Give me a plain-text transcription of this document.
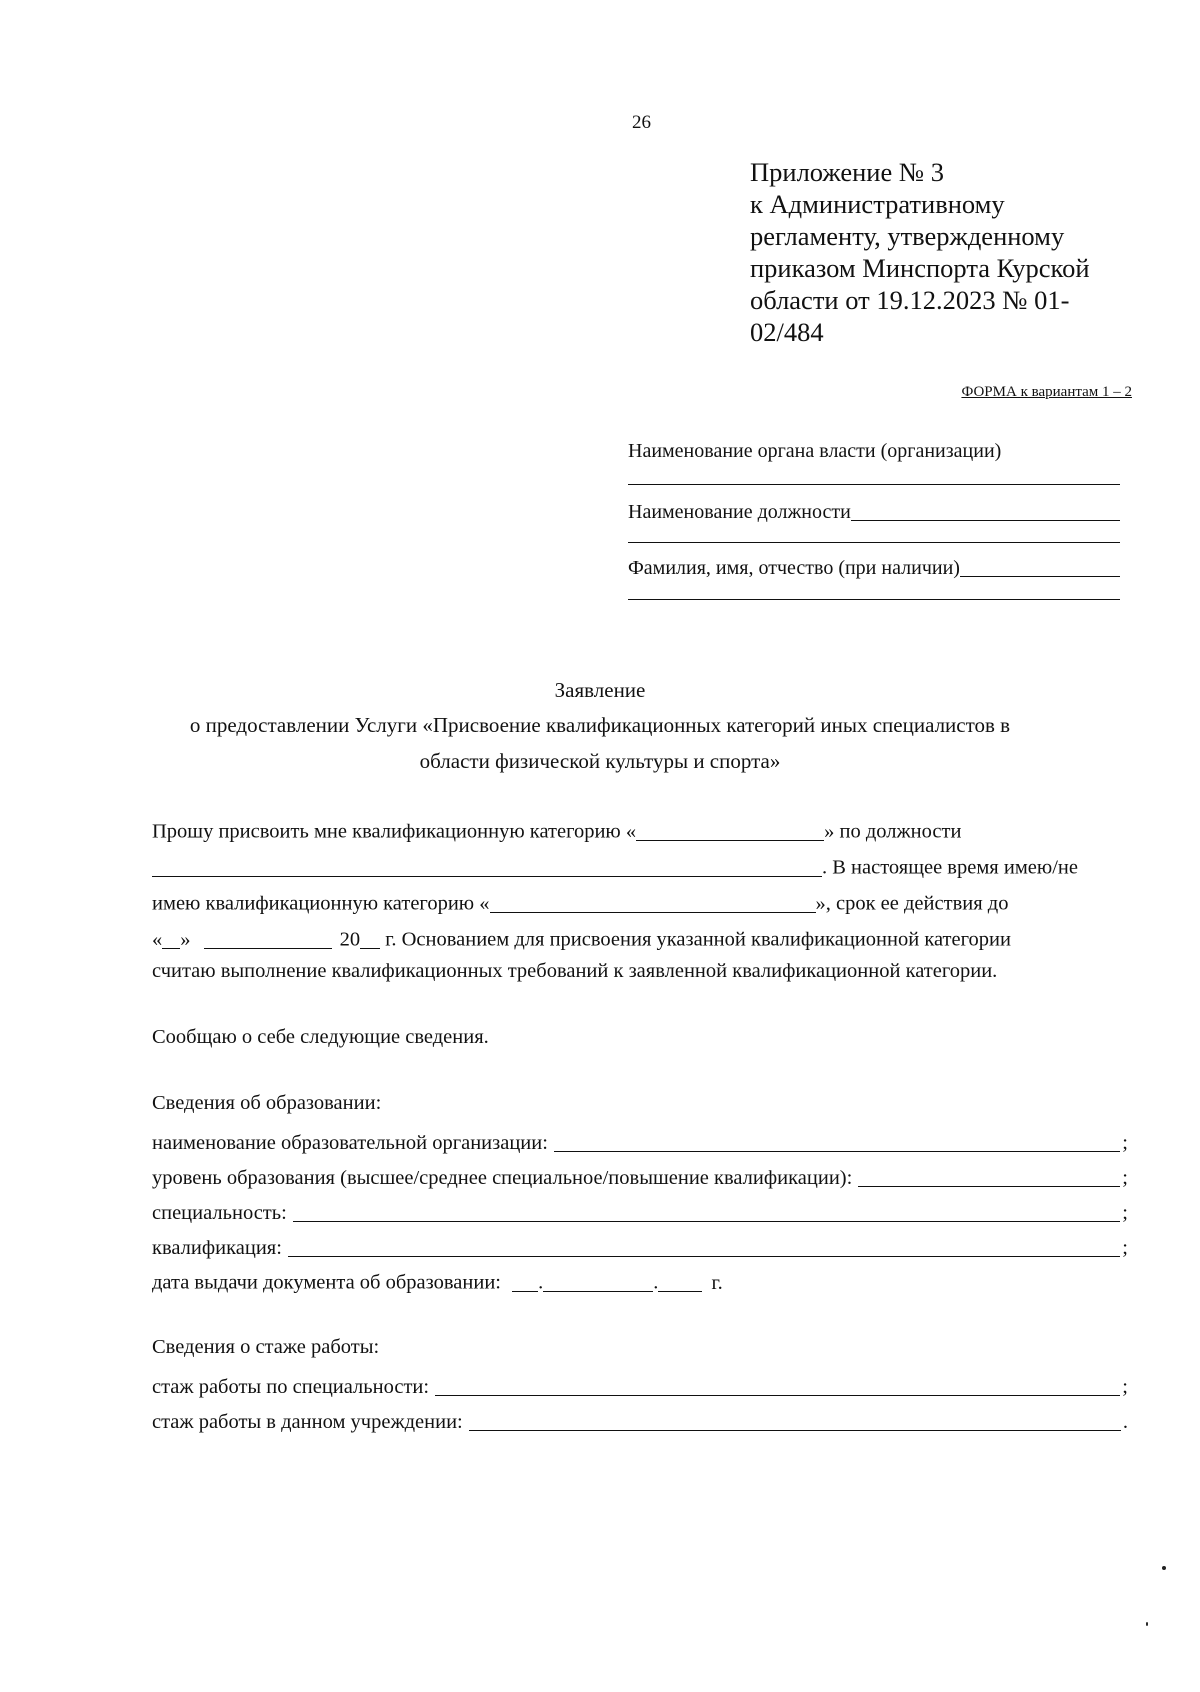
26
Приложение № 3
к Административному
регламенту, утвержденному
приказом Минспорта Курской
области от 19.12.2023 № 01-
02/484
ФОРМА к вариантам 1 – 2
Наименование органа власти (организации)
Наименование должности
Фамилия, имя, отчество (при наличии)
Заявление
о предоставлении Услуги «Присвоение квалификационных категорий иных специалистов в
области физической культуры и спорта»
Прошу присвоить мне квалификационную категорию «	» по должности
. В настоящее время имею/не
имею квалификационную категорию «	», срок ее действия до
« »	20 г. Основанием для присвоения указанной квалификационной категории
считаю выполнение квалификационных требований к заявленной квалификационной категории.
Сообщаю о себе следующие сведения.
Сведения об образовании:
наименование образовательной организации:	;
уровень образования (высшее/среднее специальное/повышение квалификации):	;
специальность:	;
квалификация:	;
дата выдачи документа об образовании: .	.	г.
Сведения о стаже работы:
стаж работы по специальности:	;
стаж работы в данном учреждении:	.
